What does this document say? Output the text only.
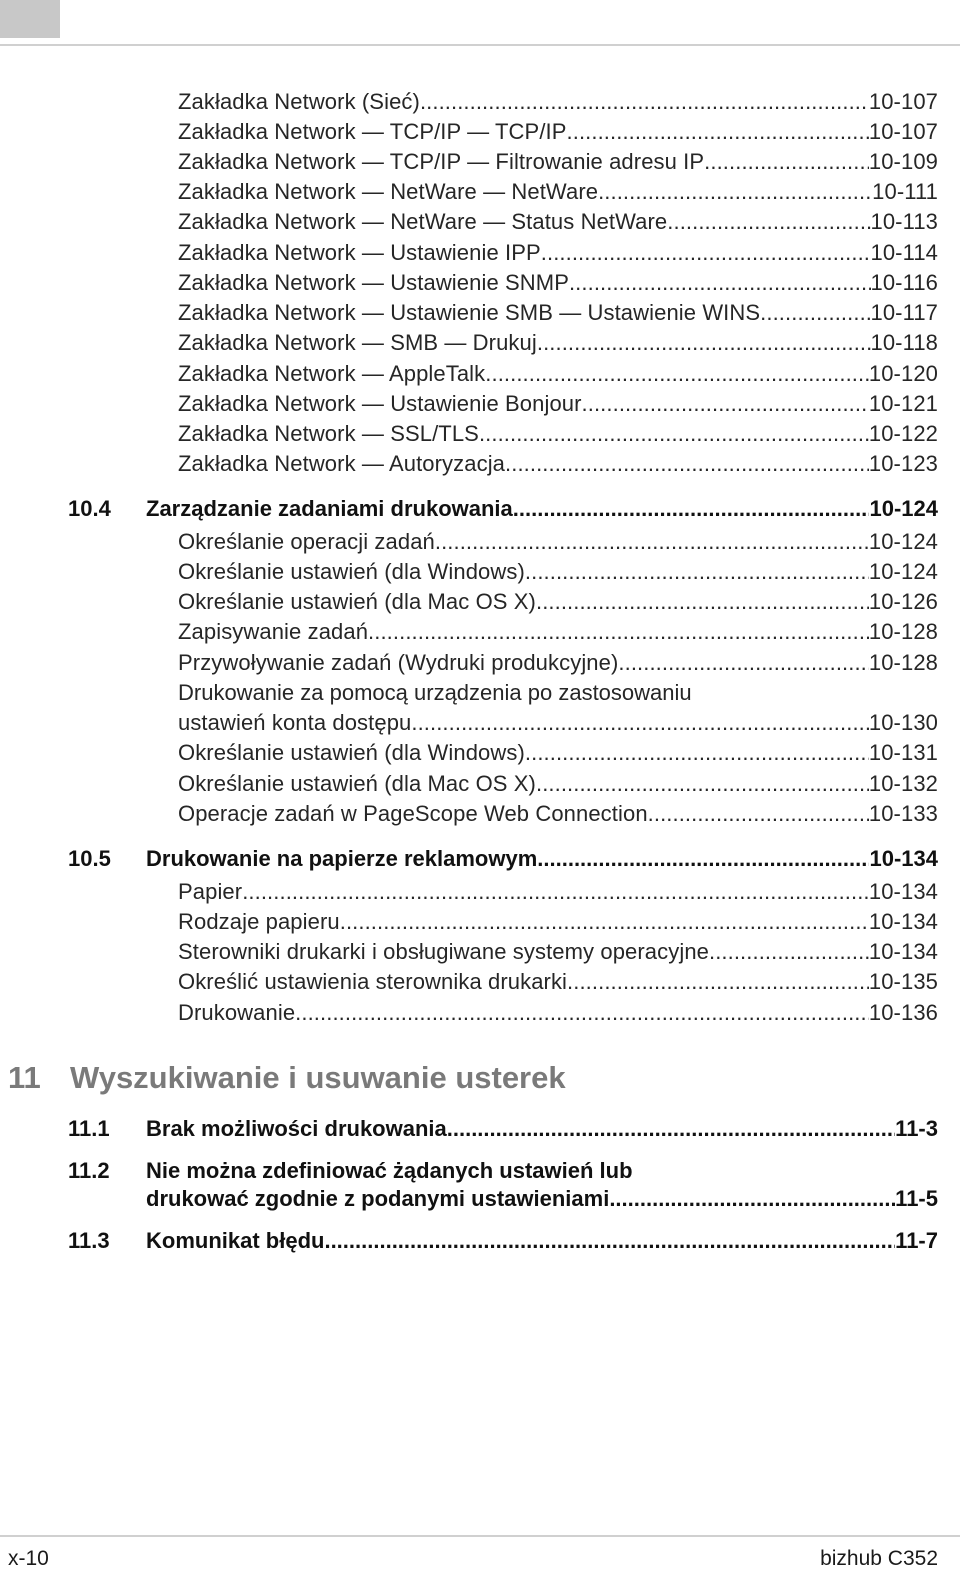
Zakładka Network (Sieć) .....	10-107
Zakładka Network — TCP/IP — TCP/IP .....	10-107
Zakładka Network — TCP/IP — Filtrowanie adresu IP .....	10-109
Zakładka Network — NetWare — NetWare .....	10-111
Zakładka Network — NetWare — Status NetWare .....	10-113
Zakładka Network — Ustawienie IPP .....	10-114
Zakładka Network — Ustawienie SNMP .....	10-116
Zakładka Network — Ustawienie SMB — Ustawienie WINS .....	10-117
Zakładka Network — SMB — Drukuj .....	10-118
Zakładka Network — AppleTalk .....	10-120
Zakładka Network — Ustawienie Bonjour .....	10-121
Zakładka Network — SSL/TLS .....	10-122
Zakładka Network — Autoryzacja .....	10-123
10.4 Zarządzanie zadaniami drukowania .....	10-124
Określanie operacji zadań .....	10-124
Określanie ustawień (dla Windows) .....	10-124
Określanie ustawień (dla Mac OS X) .....	10-126
Zapisywanie zadań .....	10-128
Przywoływanie zadań (Wydruki produkcyjne) .....	10-128
Drukowanie za pomocą urządzenia po zastosowaniu
ustawień konta dostępu. .....	10-130
Określanie ustawień (dla Windows) .....	10-131
Określanie ustawień (dla Mac OS X) .....	10-132
Operacje zadań w PageScope Web Connection .....	10-133
10.5 Drukowanie na papierze reklamowym .....	10-134
Papier .....	10-134
Rodzaje papieru .....	10-134
Sterowniki drukarki i obsługiwane systemy operacyjne .....	10-134
Określić ustawienia sterownika drukarki .....	10-135
Drukowanie .....	10-136
11 Wyszukiwanie i usuwanie usterek
11.1 Brak możliwości drukowania .....	11-3
11.2 Nie można zdefiniować żądanych ustawień lub
drukować zgodnie z podanymi ustawieniami .....	11-5
11.3 Komunikat błędu .....	11-7
x-10	bizhub C352
